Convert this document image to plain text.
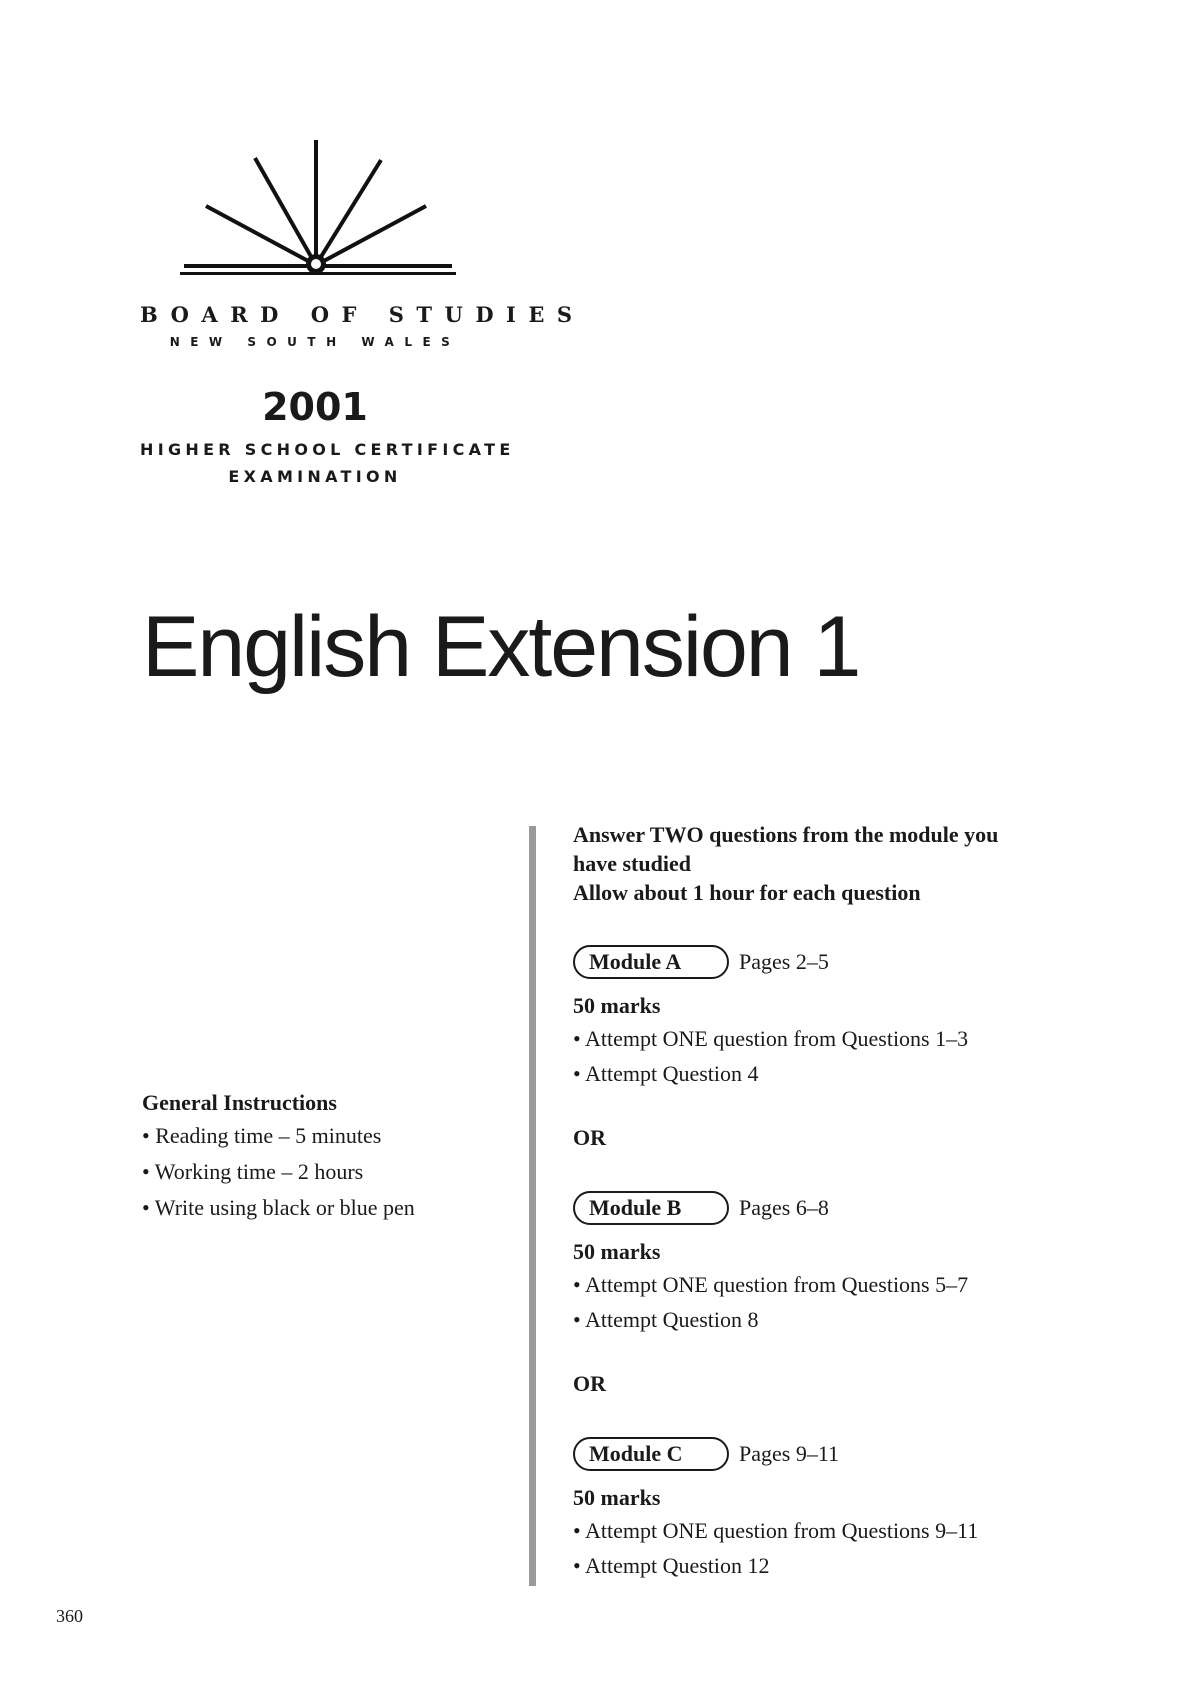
BOARD OF STUDIES
NEW SOUTH WALES
2001
HIGHER SCHOOL CERTIFICATE
EXAMINATION
English Extension 1
General Instructions
• Reading time – 5 minutes
• Working time – 2 hours
• Write using black or blue pen
Answer TWO questions from the module you
have studied
Allow about 1 hour for each question
Module A	Pages 2–5
50 marks
• Attempt ONE question from Questions 1–3
• Attempt Question 4
OR
Module B	Pages 6–8
50 marks
• Attempt ONE question from Questions 5–7
• Attempt Question 8
OR
Module C	Pages 9–11
50 marks
• Attempt ONE question from Questions 9–11
• Attempt Question 12
360
